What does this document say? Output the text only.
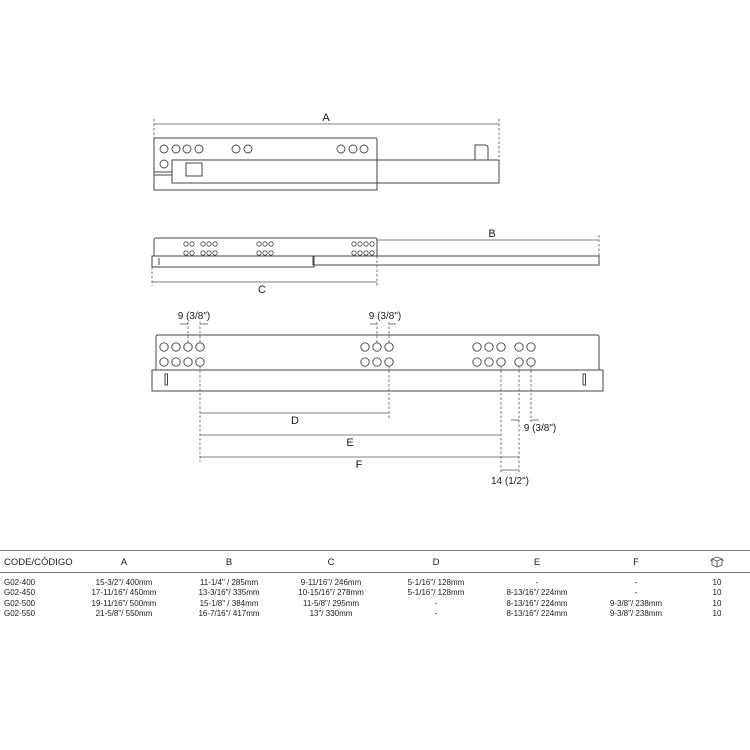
A
B
C
9 (3/8")	9 (3/8")
D
E
F
9 (3/8")
14 (1/2")
CODE/CÓDIGO	A	B	C	D	E	F
G02-400	15-3/2"/ 400mm	11-1/4" / 285mm	9-11/16"/ 246mm	5-1/16"/ 128mm	-	-	10
G02-450	17-11/16"/ 450mm	13-3/16"/ 335mm	10-15/16"/ 278mm	5-1/16"/ 128mm	8-13/16"/ 224mm	-	10
G02-500	19-11/16"/ 500mm	15-1/8" / 384mm	11-5/8"/ 295mm	-	8-13/16"/ 224mm	9-3/8"/ 238mm	10
G02-550	21-5/8"/ 550mm	16-7/16"/ 417mm	13"/ 330mm	-	8-13/16"/ 224mm	9-3/8"/ 238mm	10
